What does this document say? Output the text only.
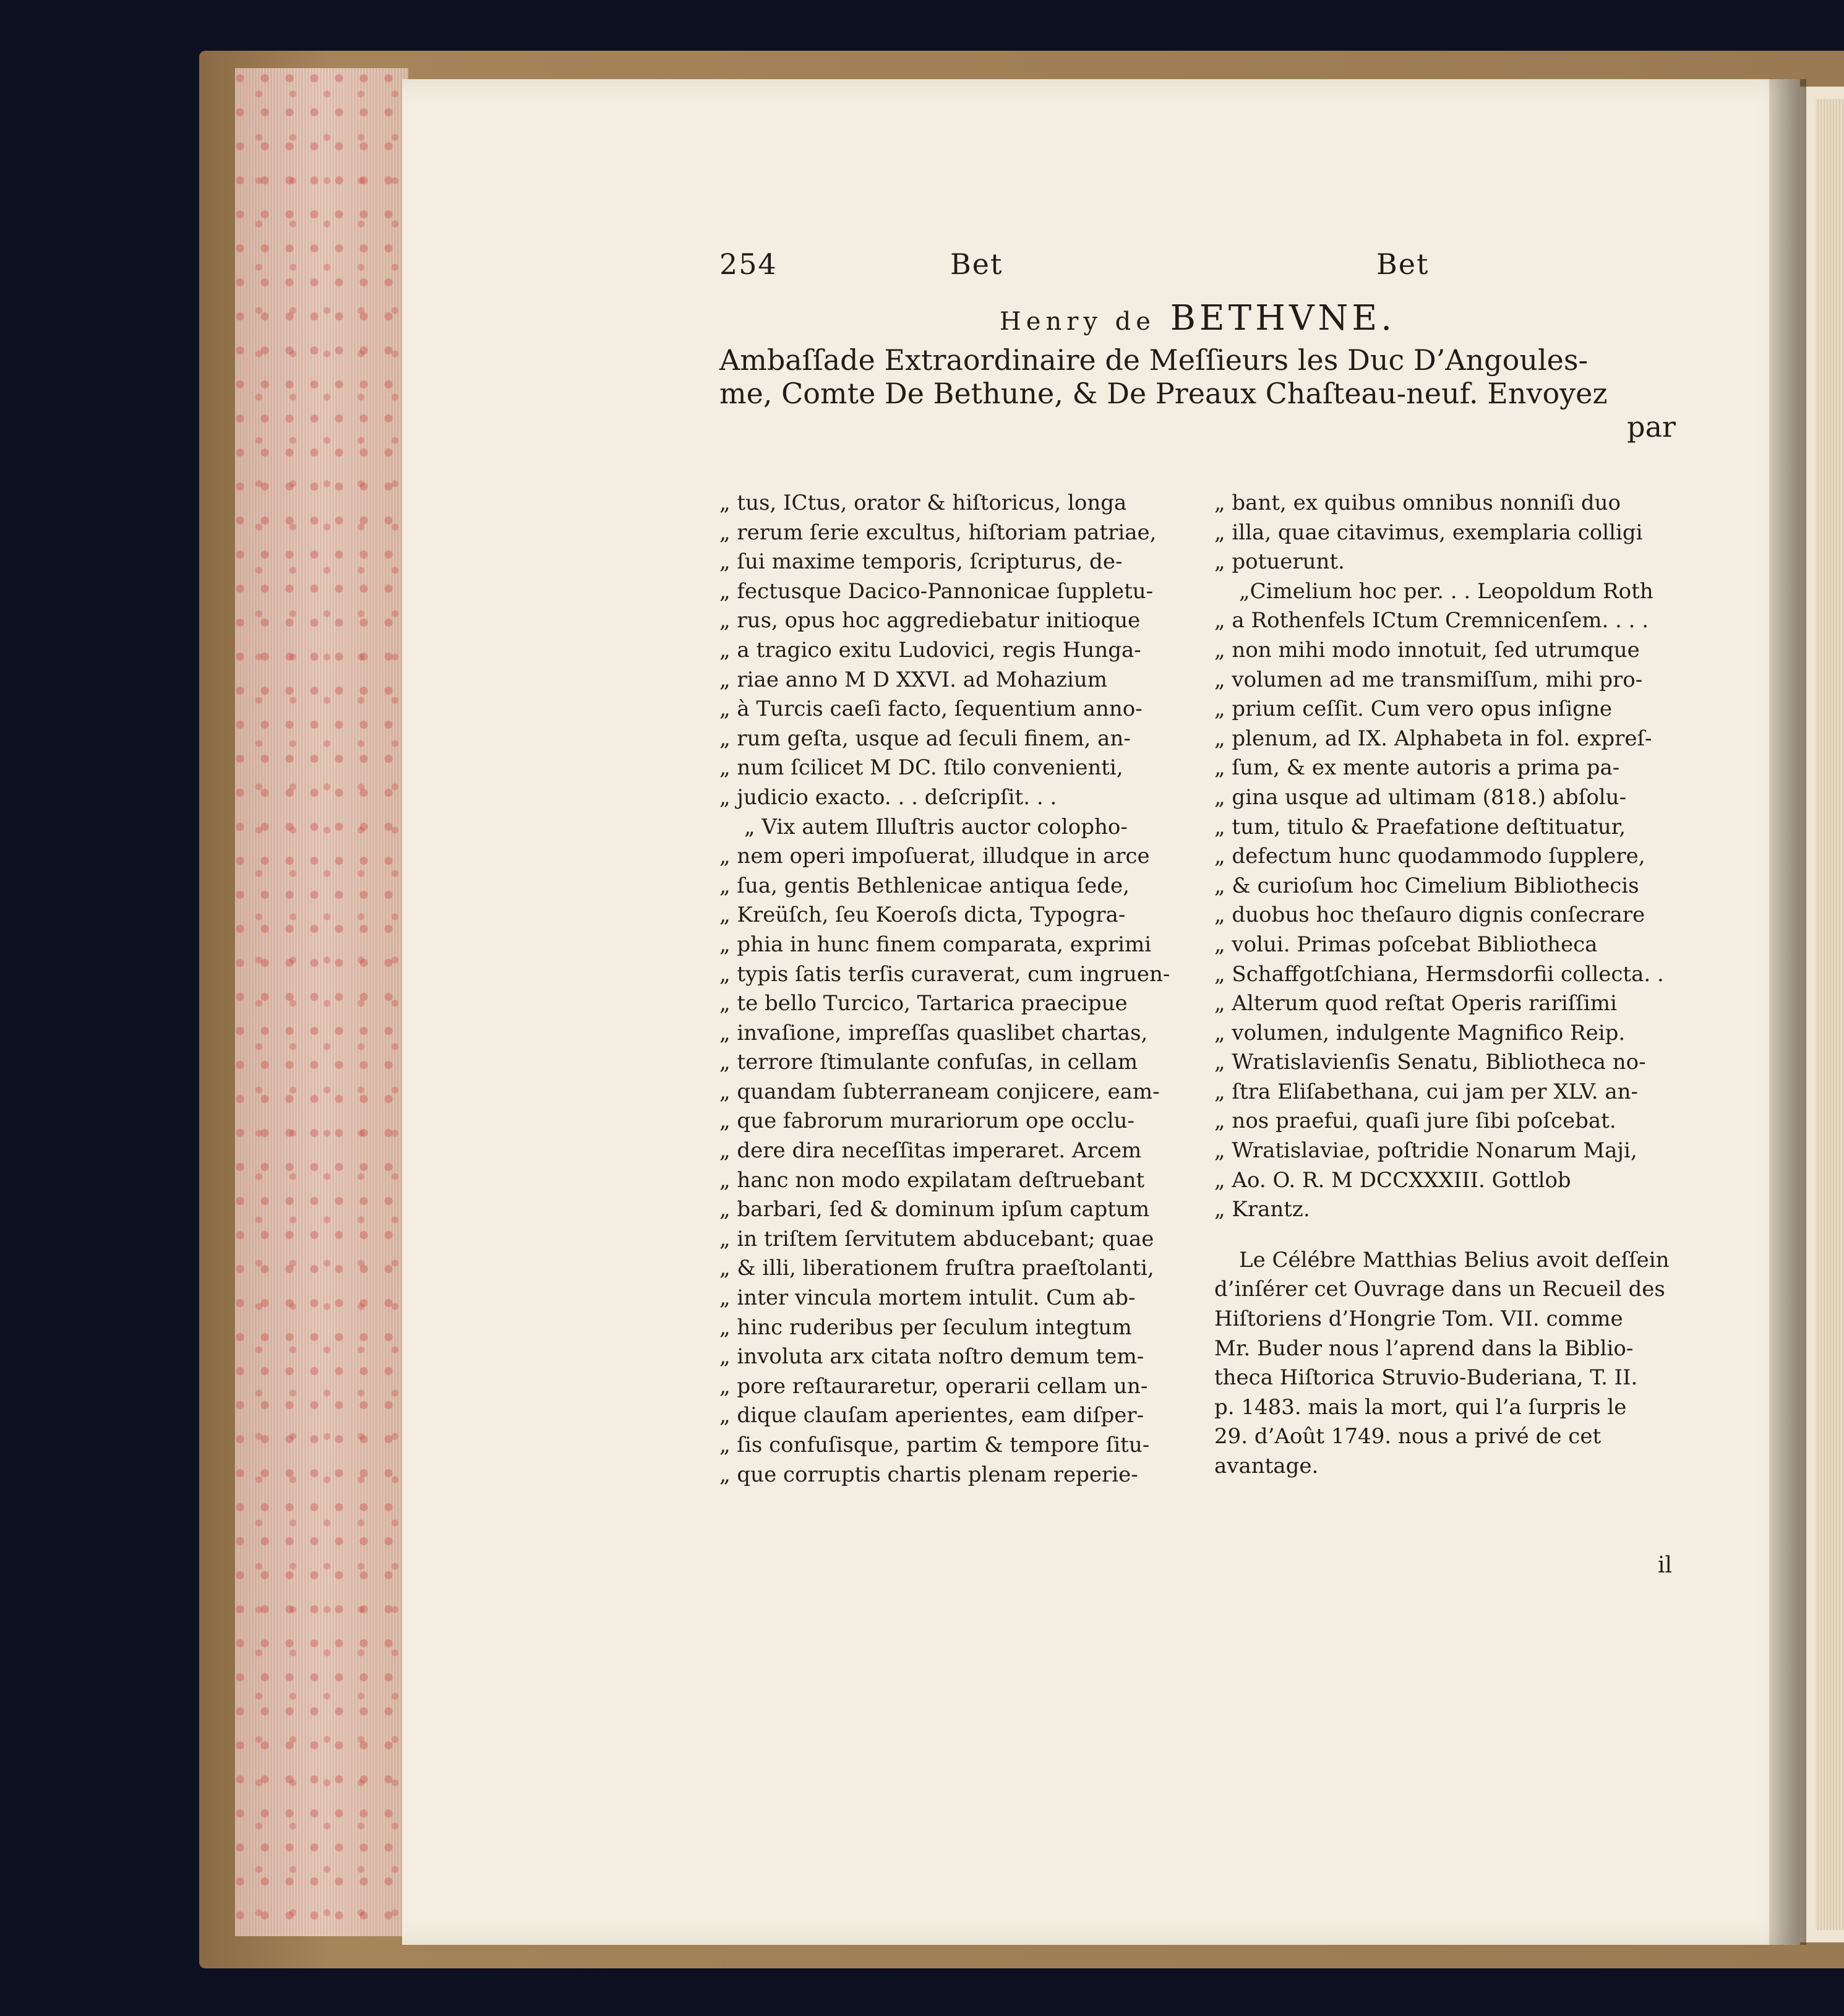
254	Bet	Bet
Henry de BETHVNE.

Ambaſſade Extraordinaire de Meſſieurs les Duc D’Angoules-

me, Comte De Bethune, & De Preaux Chaſteau-neuf. Envoyez

par

„ tus, ICtus, orator & hiſtoricus, longa
„ rerum ſerie excultus, hiſtoriam patriae,
„ ſui maxime temporis, ſcripturus, de-
„ fectusque Dacico-Pannonicae ſuppletu-
„ rus, opus hoc aggrediebatur initioque
„ a tragico exitu Ludovici, regis Hunga-
„ riae anno M D XXVI. ad Mohazium
„ à Turcis caeſi facto, ſequentium anno-
„ rum geſta, usque ad ſeculi finem, an-
„ num ſcilicet M DC. ſtilo convenienti,
„ judicio exacto. . . deſcripſit. . .
„ Vix autem Illuſtris auctor colopho-
„ nem operi impoſuerat, illudque in arce
„ ſua, gentis Bethlenicae antiqua ſede,
„ Kreüſch, ſeu Koeroſs dicta, Typogra-
„ phia in hunc finem comparata, exprimi
„ typis ſatis terſis curaverat, cum ingruen-
„ te bello Turcico, Tartarica praecipue
„ invaſione, impreſſas quaslibet chartas,
„ terrore ſtimulante confuſas, in cellam
„ quandam ſubterraneam conjicere, eam-
„ que fabrorum murariorum ope occlu-
„ dere dira neceſſitas imperaret. Arcem
„ hanc non modo expilatam deſtruebant
„ barbari, ſed & dominum ipſum captum
„ in triſtem ſervitutem abducebant; quae
„ & illi, liberationem fruſtra praeſtolanti,
„ inter vincula mortem intulit. Cum ab-
„ hinc ruderibus per ſeculum integtum
„ involuta arx citata noſtro demum tem-
„ pore reſtauraretur, operarii cellam un-
„ dique clauſam aperientes, eam diſper-
„ ſis confuſisque, partim & tempore ſitu-
„ que corruptis chartis plenam reperie-
„ bant, ex quibus omnibus nonniſi duo
„ illa, quae citavimus, exemplaria colligi
„ potuerunt.
„Cimelium hoc per. . . Leopoldum Roth
„ a Rothenfels ICtum Cremnicenſem. . . .
„ non mihi modo innotuit, ſed utrumque
„ volumen ad me transmiſſum, mihi pro-
„ prium ceſſit. Cum vero opus inſigne
„ plenum, ad IX. Alphabeta in fol. expreſ-
„ ſum, & ex mente autoris a prima pa-
„ gina usque ad ultimam (818.) abſolu-
„ tum, titulo & Praefatione deſtituatur,
„ defectum hunc quodammodo ſupplere,
„ & curioſum hoc Cimelium Bibliothecis
„ duobus hoc theſauro dignis conſecrare
„ volui. Primas poſcebat Bibliotheca
„ Schaffgotſchiana, Hermsdorfii collecta. .
„ Alterum quod reſtat Operis rariſſimi
„ volumen, indulgente Magnifico Reip.
„ Wratislavienſis Senatu, Bibliotheca no-
„ ſtra Eliſabethana, cui jam per XLV. an-
„ nos praefui, quaſi jure ſibi poſcebat.
„ Wratislaviae, poſtridie Nonarum Maji,
„ Ao. O. R. M DCCXXXIII. Gottlob
„ Krantz.
Le Célébre Matthias Belius avoit deſſein
d’inſérer cet Ouvrage dans un Recueil des
Hiſtoriens d’Hongrie Tom. VII. comme
Mr. Buder nous l’aprend dans la Biblio-
theca Hiſtorica Struvio-Buderiana, T. II.
p. 1483. mais la mort, qui l’a ſurpris le
29. d’Août 1749. nous a privé de cet
avantage.
il
